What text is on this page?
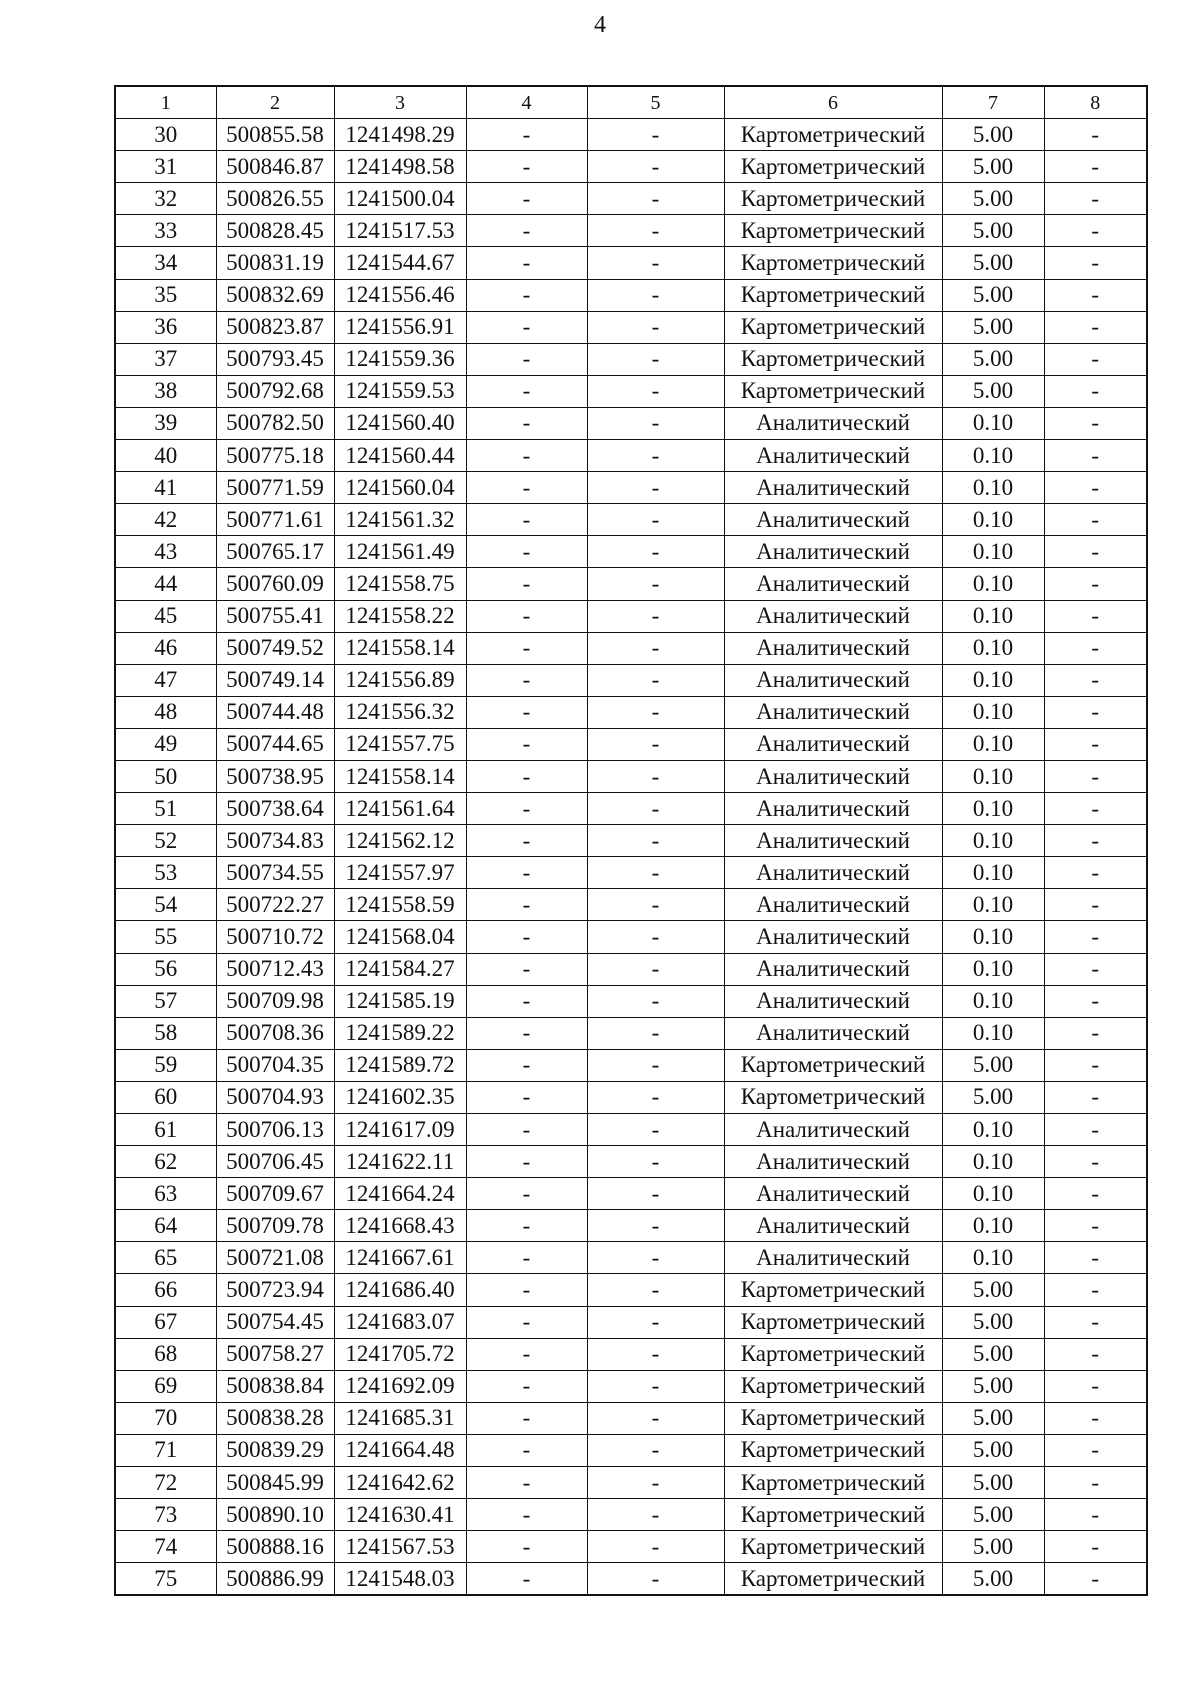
4
1	2	3	4	5	6	7	8
30	500855.58	1241498.29	-	-	Картометрический	5.00	-
31	500846.87	1241498.58	-	-	Картометрический	5.00	-
32	500826.55	1241500.04	-	-	Картометрический	5.00	-
33	500828.45	1241517.53	-	-	Картометрический	5.00	-
34	500831.19	1241544.67	-	-	Картометрический	5.00	-
35	500832.69	1241556.46	-	-	Картометрический	5.00	-
36	500823.87	1241556.91	-	-	Картометрический	5.00	-
37	500793.45	1241559.36	-	-	Картометрический	5.00	-
38	500792.68	1241559.53	-	-	Картометрический	5.00	-
39	500782.50	1241560.40	-	-	Аналитический	0.10	-
40	500775.18	1241560.44	-	-	Аналитический	0.10	-
41	500771.59	1241560.04	-	-	Аналитический	0.10	-
42	500771.61	1241561.32	-	-	Аналитический	0.10	-
43	500765.17	1241561.49	-	-	Аналитический	0.10	-
44	500760.09	1241558.75	-	-	Аналитический	0.10	-
45	500755.41	1241558.22	-	-	Аналитический	0.10	-
46	500749.52	1241558.14	-	-	Аналитический	0.10	-
47	500749.14	1241556.89	-	-	Аналитический	0.10	-
48	500744.48	1241556.32	-	-	Аналитический	0.10	-
49	500744.65	1241557.75	-	-	Аналитический	0.10	-
50	500738.95	1241558.14	-	-	Аналитический	0.10	-
51	500738.64	1241561.64	-	-	Аналитический	0.10	-
52	500734.83	1241562.12	-	-	Аналитический	0.10	-
53	500734.55	1241557.97	-	-	Аналитический	0.10	-
54	500722.27	1241558.59	-	-	Аналитический	0.10	-
55	500710.72	1241568.04	-	-	Аналитический	0.10	-
56	500712.43	1241584.27	-	-	Аналитический	0.10	-
57	500709.98	1241585.19	-	-	Аналитический	0.10	-
58	500708.36	1241589.22	-	-	Аналитический	0.10	-
59	500704.35	1241589.72	-	-	Картометрический	5.00	-
60	500704.93	1241602.35	-	-	Картометрический	5.00	-
61	500706.13	1241617.09	-	-	Аналитический	0.10	-
62	500706.45	1241622.11	-	-	Аналитический	0.10	-
63	500709.67	1241664.24	-	-	Аналитический	0.10	-
64	500709.78	1241668.43	-	-	Аналитический	0.10	-
65	500721.08	1241667.61	-	-	Аналитический	0.10	-
66	500723.94	1241686.40	-	-	Картометрический	5.00	-
67	500754.45	1241683.07	-	-	Картометрический	5.00	-
68	500758.27	1241705.72	-	-	Картометрический	5.00	-
69	500838.84	1241692.09	-	-	Картометрический	5.00	-
70	500838.28	1241685.31	-	-	Картометрический	5.00	-
71	500839.29	1241664.48	-	-	Картометрический	5.00	-
72	500845.99	1241642.62	-	-	Картометрический	5.00	-
73	500890.10	1241630.41	-	-	Картометрический	5.00	-
74	500888.16	1241567.53	-	-	Картометрический	5.00	-
75	500886.99	1241548.03	-	-	Картометрический	5.00	-
